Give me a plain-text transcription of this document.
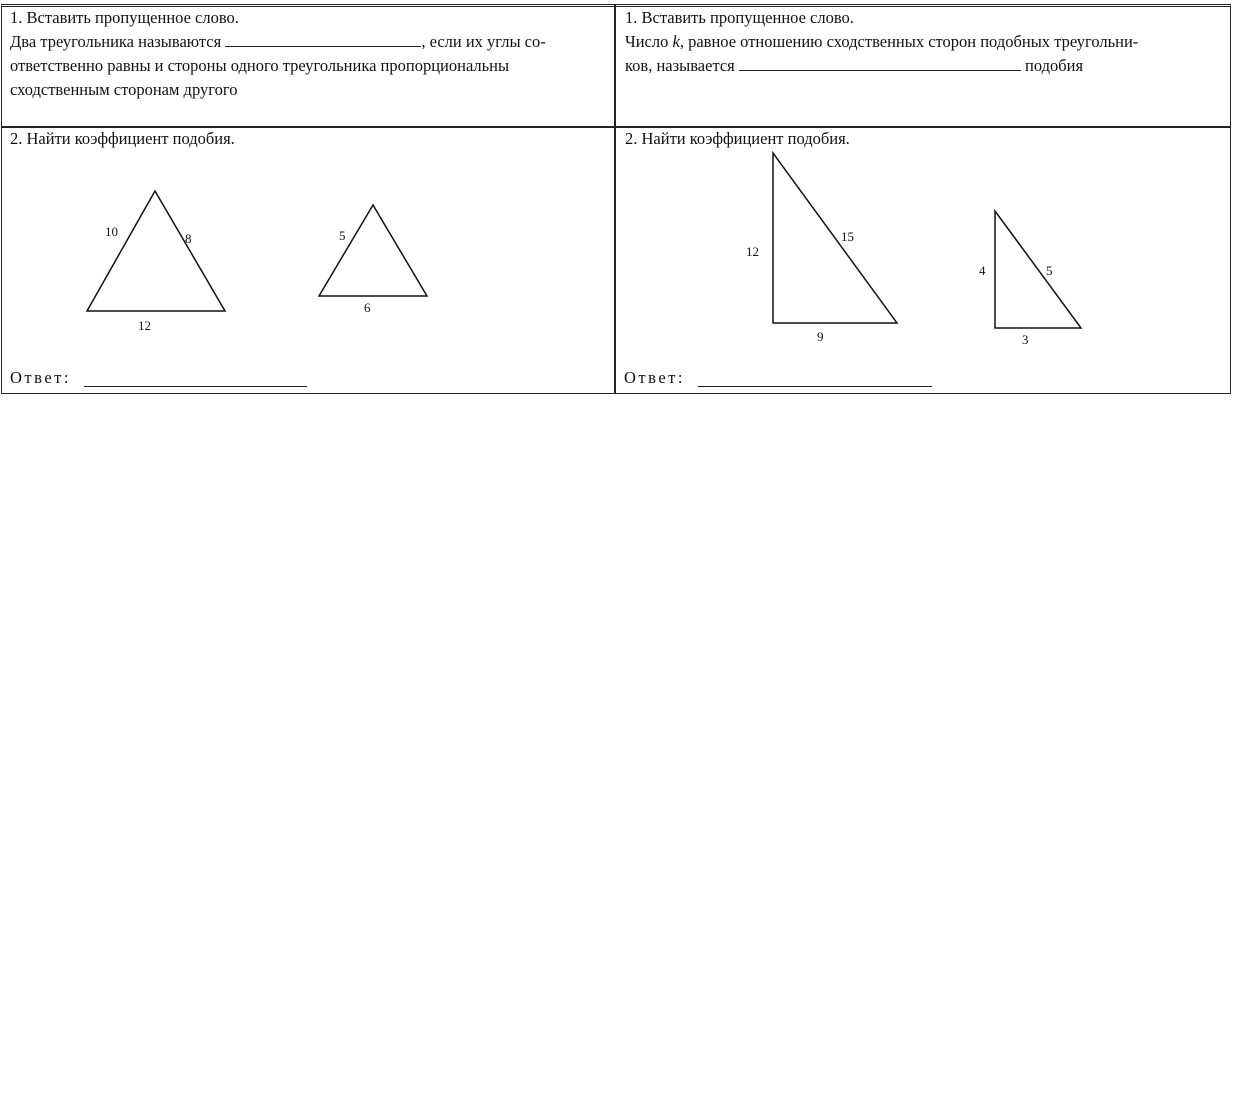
1. Вставить пропущенное слово.

Два треугольника называются	, если их углы со-

ответственно равны и стороны одного треугольника пропорциональны

сходственным сторонам другого

1. Вставить пропущенное слово.

Число k, равное отношению сходственных сторон подобных треугольни-

ков, называется	подобия

2. Найти коэффициент подобия.

10	8
12
5
6
Ответ:

2. Найти коэффициент подобия.

12
15
9
4	5
3
Ответ:
